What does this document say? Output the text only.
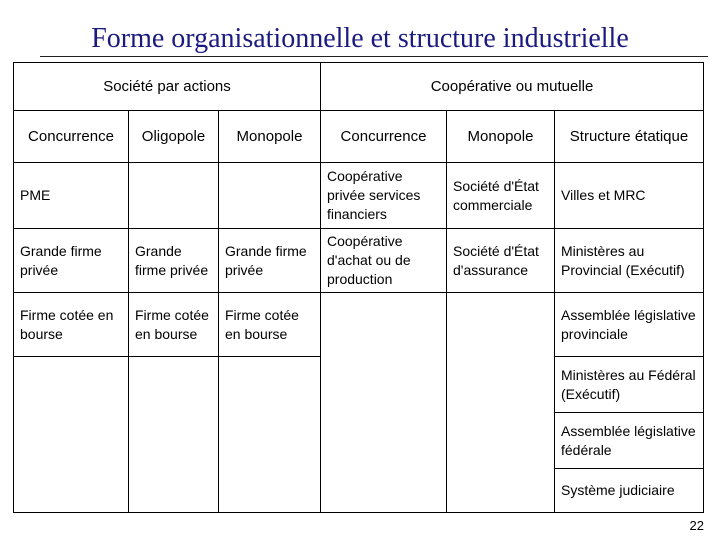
Forme organisationnelle et structure industrielle
Société par actions			Coopérative ou mutuelle		
Concurrence	Oligopole	Monopole	Concurrence	Monopole	Structure étatique
PME			Coopérative privée services financiers	Société d'État commerciale	Villes et MRC
Grande firme privée	Grande firme privée	Grande firme privée	Coopérative d'achat ou de production	Société d'État d'assurance	Ministères au Provincial (Exécutif)
Firme cotée en bourse	Firme cotée en bourse	Firme cotée en bourse			Assemblée législative provinciale
					Ministères au Fédéral (Exécutif)
					Assemblée législative fédérale
					Système judiciaire
22
